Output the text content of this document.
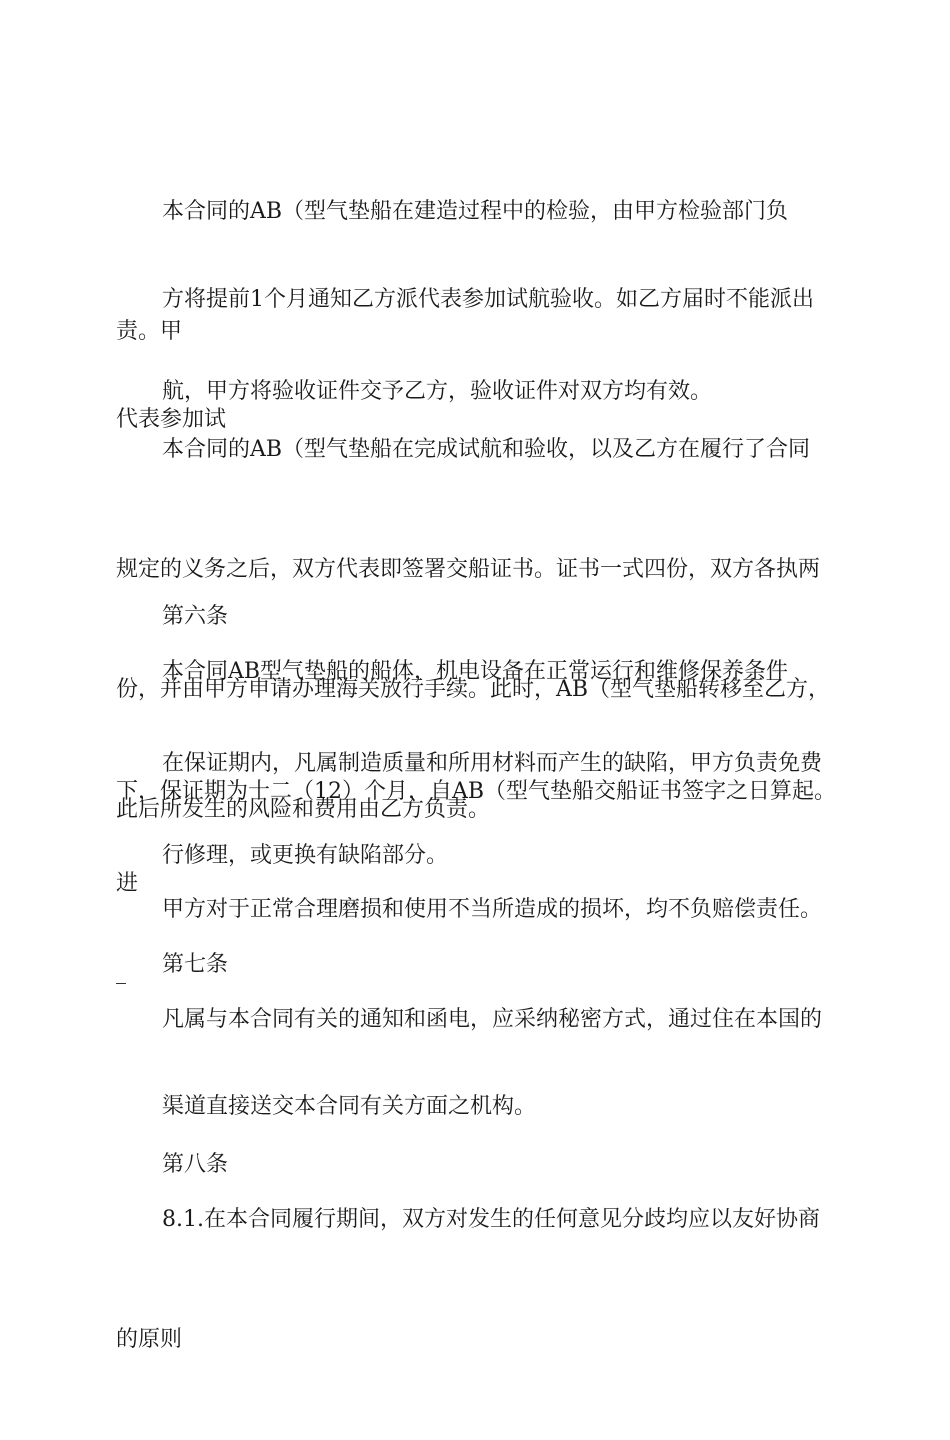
本合同的AB（型气垫船在建造过程中的检验，由甲方检验部门负

责。甲

方将提前1个月通知乙方派代表参加试航验收。如乙方届时不能派出

代表参加试

航，甲方将验收证件交予乙方，验收证件对双方均有效。

本合同的AB（型气垫船在完成试航和验收，以及乙方在履行了合同

规定的义务之后，双方代表即签署交船证书。证书一式四份，双方各执两

份，并由甲方申请办理海关放行手续。此时，AB（型气垫船转移至乙方，

此后所发生的风险和费用由乙方负责。

第六条

本合同AB型气垫船的船体，机电设备在正常运行和维修保养条件

下，保证期为十二（12）个月，自AB（型气垫船交船证书签字之日算起。

在保证期内，凡属制造质量和所用材料而产生的缺陷，甲方负责免费

进

行修理，或更换有缺陷部分。

甲方对于正常合理磨损和使用不当所造成的损坏，均不负赔偿责任。

第七条

凡属与本合同有关的通知和函电，应采纳秘密方式，通过住在本国的

渠道直接送交本合同有关方面之机构。

第八条

8.1.在本合同履行期间，双方对发生的任何意见分歧均应以友好协商

的原则
